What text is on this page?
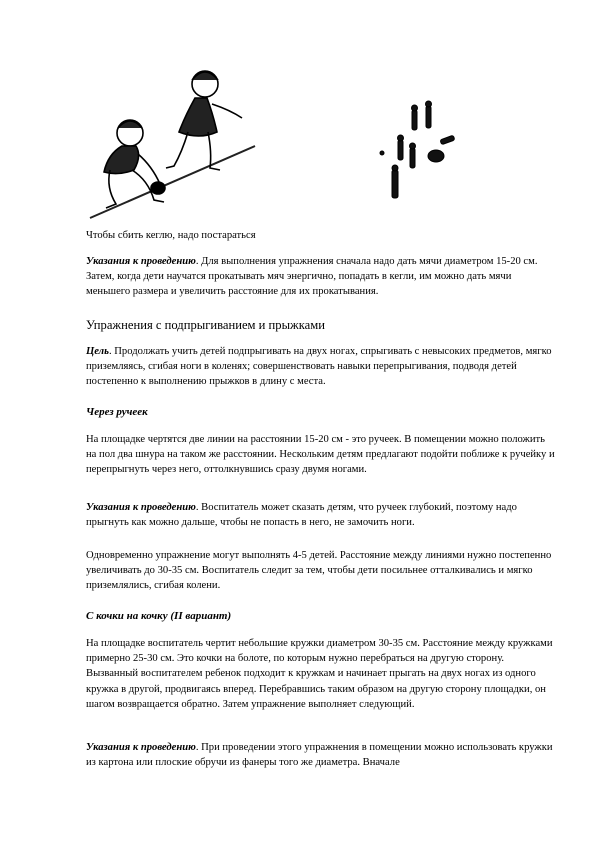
Чтобы сбить кеглю, надо постараться

Указания к проведению. Для выполнения упражнения сначала надо дать мячи диаметром 15-20 см. Затем, когда дети научатся прокатывать мяч энергично, попадать в кегли, им можно дать мячи меньшего размера и увеличить расстояние для их прокатывания.

Упражнения с подпрыгиванием и прыжками

Цель. Продолжать учить детей подпрыгивать на двух ногах, спрыгивать с невысоких предметов, мягко приземляясь, сгибая ноги в коленях; совершенствовать навыки перепрыгивания, подводя детей постепенно к выполнению прыжков в длину с места.

Через ручеек

На площадке чертятся две линии на расстоянии 15-20 см - это ручеек. В помещении можно положить на пол два шнура на таком же расстоянии. Нескольким детям предлагают подойти поближе к ручейку и перепрыгнуть через него, оттолкнувшись сразу двумя ногами.

Указания к проведению. Воспитатель может сказать детям, что ручеек глубокий, поэтому надо прыгнуть как можно дальше, чтобы не попасть в него, не замочить ноги.

Одновременно упражнение могут выполнять 4-5 детей. Расстояние между линиями нужно постепенно увеличивать до 30-35 см. Воспитатель следит за тем, чтобы дети посильнее отталкивались и мягко приземлялись, сгибая колени.

С кочки на кочку (II вариант)

На площадке воспитатель чертит небольшие кружки диаметром 30-35 см. Расстояние между кружками примерно 25-30 см. Это кочки на болоте, по которым нужно перебраться на другую сторону. Вызванный воспитателем ребенок подходит к кружкам и начинает прыгать на двух ногах из одного кружка в другой, продвигаясь вперед. Перебравшись таким образом на другую сторону площадки, он шагом возвращается обратно. Затем упражнение выполняет следующий.

Указания к проведению. При проведении этого упражнения в помещении можно использовать кружки из картона или плоские обручи из фанеры того же диаметра. Вначале
